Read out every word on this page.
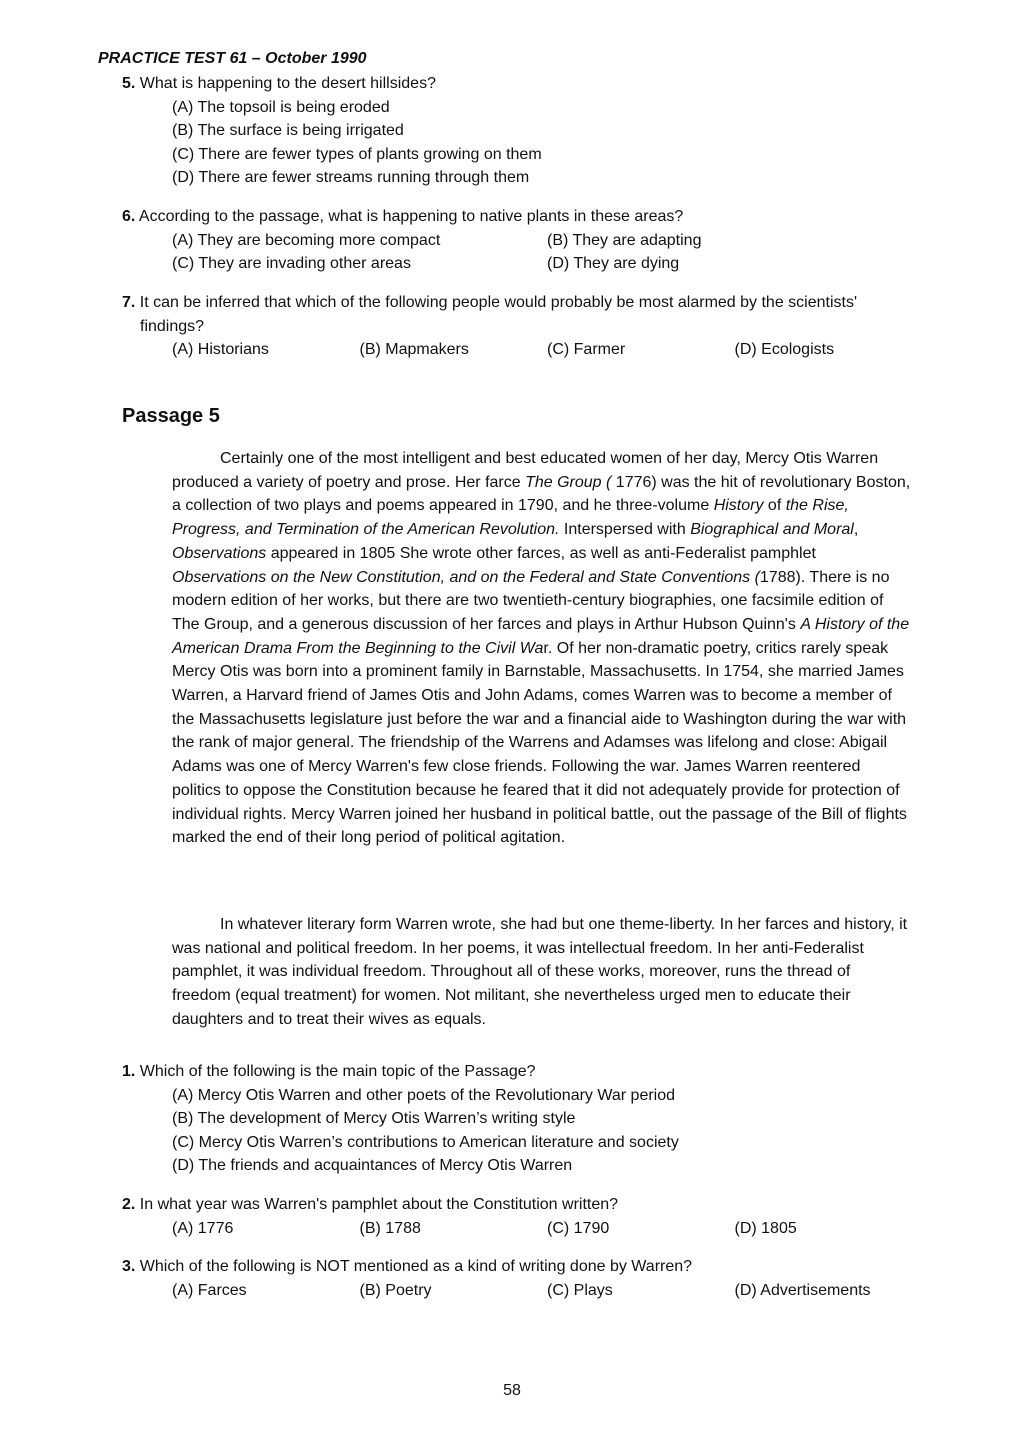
PRACTICE TEST 61 – October 1990
5. What is happening to the desert hillsides?
(A) The topsoil is being eroded
(B) The surface is being irrigated
(C) There are fewer types of plants growing on them
(D) There are fewer streams running through them
6. According to the passage, what is happening to native plants in these areas?
(A) They are becoming more compact	(B) They are adapting
(C) They are invading other areas	(D) They are dying
7. It can be inferred that which of the following people would probably be most alarmed by the scientists'
findings?
(A) Historians	(B) Mapmakers	(C) Farmer	(D) Ecologists
Passage 5
Certainly one of the most intelligent and best educated women of her day, Mercy Otis Warren produced a variety of poetry and prose. Her farce The Group ( 1776) was the hit of revolutionary Boston, a collection of two plays and poems appeared in 1790, and he three-volume History of the Rise, Progress, and Termination of the American Revolution. Interspersed with Biographical and Moral, Observations appeared in 1805 She wrote other farces, as well as anti-Federalist pamphlet Observations on the New Constitution, and on the Federal and State Conventions (1788). There is no modern edition of her works, but there are two twentieth-century biographies, one facsimile edition of The Group, and a generous discussion of her farces and plays in Arthur Hubson Quinn's A History of the American Drama From the Beginning to the Civil War. Of her non-dramatic poetry, critics rarely speak Mercy Otis was born into a prominent family in Barnstable, Massachusetts. In 1754, she married James Warren, a Harvard friend of James Otis and John Adams, comes Warren was to become a member of the Massachusetts legislature just before the war and a financial aide to Washington during the war with the rank of major general. The friendship of the Warrens and Adamses was lifelong and close: Abigail Adams was one of Mercy Warren's few close friends. Following the war. James Warren reentered politics to oppose the Constitution because he feared that it did not adequately provide for protection of individual rights. Mercy Warren joined her husband in political battle, out the passage of the Bill of flights marked the end of their long period of political agitation.
In whatever literary form Warren wrote, she had but one theme-liberty. In her farces and history, it was national and political freedom. In her poems, it was intellectual freedom. In her anti-Federalist pamphlet, it was individual freedom. Throughout all of these works, moreover, runs the thread of freedom (equal treatment) for women. Not militant, she nevertheless urged men to educate their daughters and to treat their wives as equals.
1. Which of the following is the main topic of the Passage?
(A) Mercy Otis Warren and other poets of the Revolutionary War period
(B) The development of Mercy Otis Warren’s writing style
(C) Mercy Otis Warren’s contributions to American literature and society
(D) The friends and acquaintances of Mercy Otis Warren
2. In what year was Warren's pamphlet about the Constitution written?
(A) 1776	(B) 1788	(C) 1790	(D) 1805
3. Which of the following is NOT mentioned as a kind of writing done by Warren?
(A) Farces	(B) Poetry	(C) Plays	(D) Advertisements
58
